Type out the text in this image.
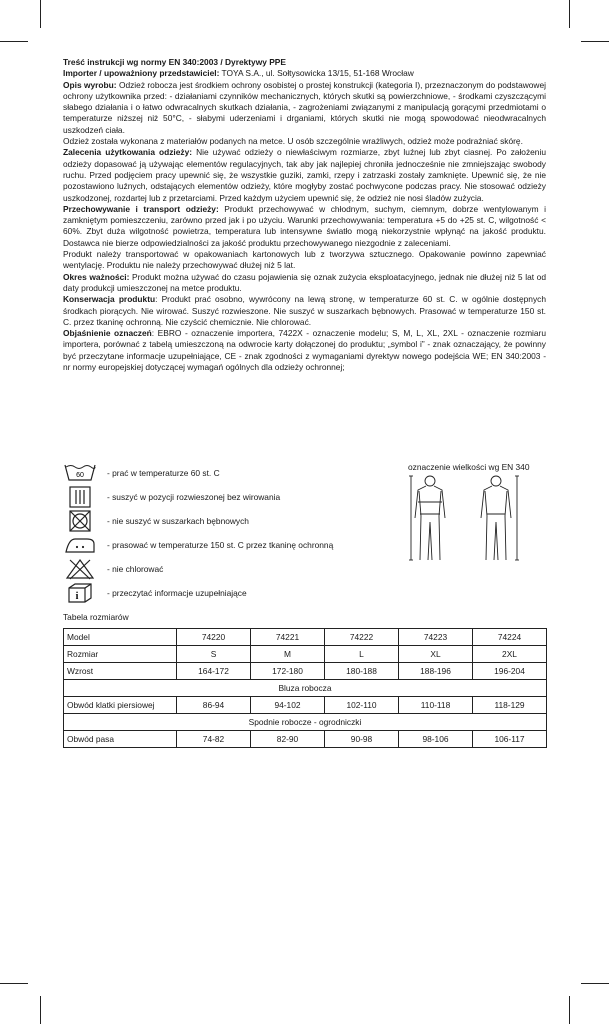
Treść instrukcji wg normy EN 340:2003 / Dyrektywy PPE

Importer / upoważniony przedstawiciel: TOYA S.A., ul. Sołtysowicka 13/15, 51-168 Wrocław

Opis wyrobu: Odzież robocza jest środkiem ochrony osobistej o prostej konstrukcji (kategoria I), przeznaczonym do podstawowej ochrony użytkownika przed: - działaniami czynników mechanicznych, których skutki są powierzchniowe, - środkami czyszczącymi słabego działania i o łatwo odwracalnych skutkach działania, - zagrożeniami związanymi z manipulacją gorącymi przedmiotami o temperaturze niższej niż 50°C, - słabymi uderzeniami i drganiami, których skutki nie mogą spowodować nieodwracalnych uszkodzeń ciała.

Odzież została wykonana z materiałów podanych na metce. U osób szczególnie wrażliwych, odzież może podrażniać skórę.

Zalecenia użytkowania odzieży: Nie używać odzieży o niewłaściwym rozmiarze, zbyt luźnej lub zbyt ciasnej. Po założeniu odzieży dopasować ją używając elementów regulacyjnych, tak aby jak najlepiej chroniła jednocześnie nie zmniejszając swobody ruchu. Przed podjęciem pracy upewnić się, że wszystkie guziki, zamki, rzepy i zatrzaski zostały zamknięte. Upewnić się, że nie pozostawiono luźnych, odstających elementów odzieży, które mogłyby zostać pochwycone podczas pracy. Nie stosować odzieży uszkodzonej, rozdartej lub z przetarciami. Przed każdym użyciem upewnić się, że odzież nie nosi śladów zużycia.

Przechowywanie i transport odzieży: Produkt przechowywać w chłodnym, suchym, ciemnym, dobrze wentylowanym i zamkniętym pomieszczeniu, zarówno przed jak i po użyciu. Warunki przechowywania: temperatura +5 do +25 st. C, wilgotność < 60%. Zbyt duża wilgotność powietrza, temperatura lub intensywne światło mogą niekorzystnie wpłynąć na jakość produktu. Dostawca nie bierze odpowiedzialności za jakość produktu przechowywanego niezgodnie z zaleceniami.

Produkt należy transportować w opakowaniach kartonowych lub z tworzywa sztucznego. Opakowanie powinno zapewniać wentylację. Produktu nie należy przechowywać dłużej niż 5 lat.

Okres ważności: Produkt można używać do czasu pojawienia się oznak zużycia eksploatacyjnego, jednak nie dłużej niż 5 lat od daty produkcji umieszczonej na metce produktu.

Konserwacja produktu: Produkt prać osobno, wywrócony na lewą stronę, w temperaturze 60 st. C. w ogólnie dostępnych środkach piorących. Nie wirować. Suszyć rozwieszone. Nie suszyć w suszarkach bębnowych. Prasować w temperaturze 150 st. C. przez tkaninę ochronną. Nie czyścić chemicznie. Nie chlorować.

Objaśnienie oznaczeń: EBRO - oznaczenie importera, 7422X - oznaczenie modelu; S, M, L, XL, 2XL - oznaczenie rozmiaru importera, porównać z tabelą umieszczoną na odwrocie karty dołączonej do produktu; „symbol i” - znak oznaczający, że powinny być przeczytane informacje uzupełniające, CE - znak zgodności z wymaganiami dyrektyw nowego podejścia WE; EN 340:2003 - nr normy europejskiej dotyczącej wymagań ogólnych dla odzieży ochronnej;

60	- prać w temperaturze 60 st. C
- suszyć w pozycji rozwieszonej bez wirowania
- nie suszyć w suszarkach bębnowych
- prasować w temperaturze 150 st. C przez tkaninę ochronną
- nie chlorować
i	- przeczytać informacje uzupełniające
oznaczenie wielkości wg EN 340
Tabela rozmiarów
Model	74220	74221	74222	74223	74224
Rozmiar	S	M	L	XL	2XL
Wzrost	164-172	172-180	180-188	188-196	196-204
Bluza robocza					
Obwód klatki piersiowej	86-94	94-102	102-110	110-118	118-129
Spodnie robocze - ogrodniczki					
Obwód pasa	74-82	82-90	90-98	98-106	106-117
